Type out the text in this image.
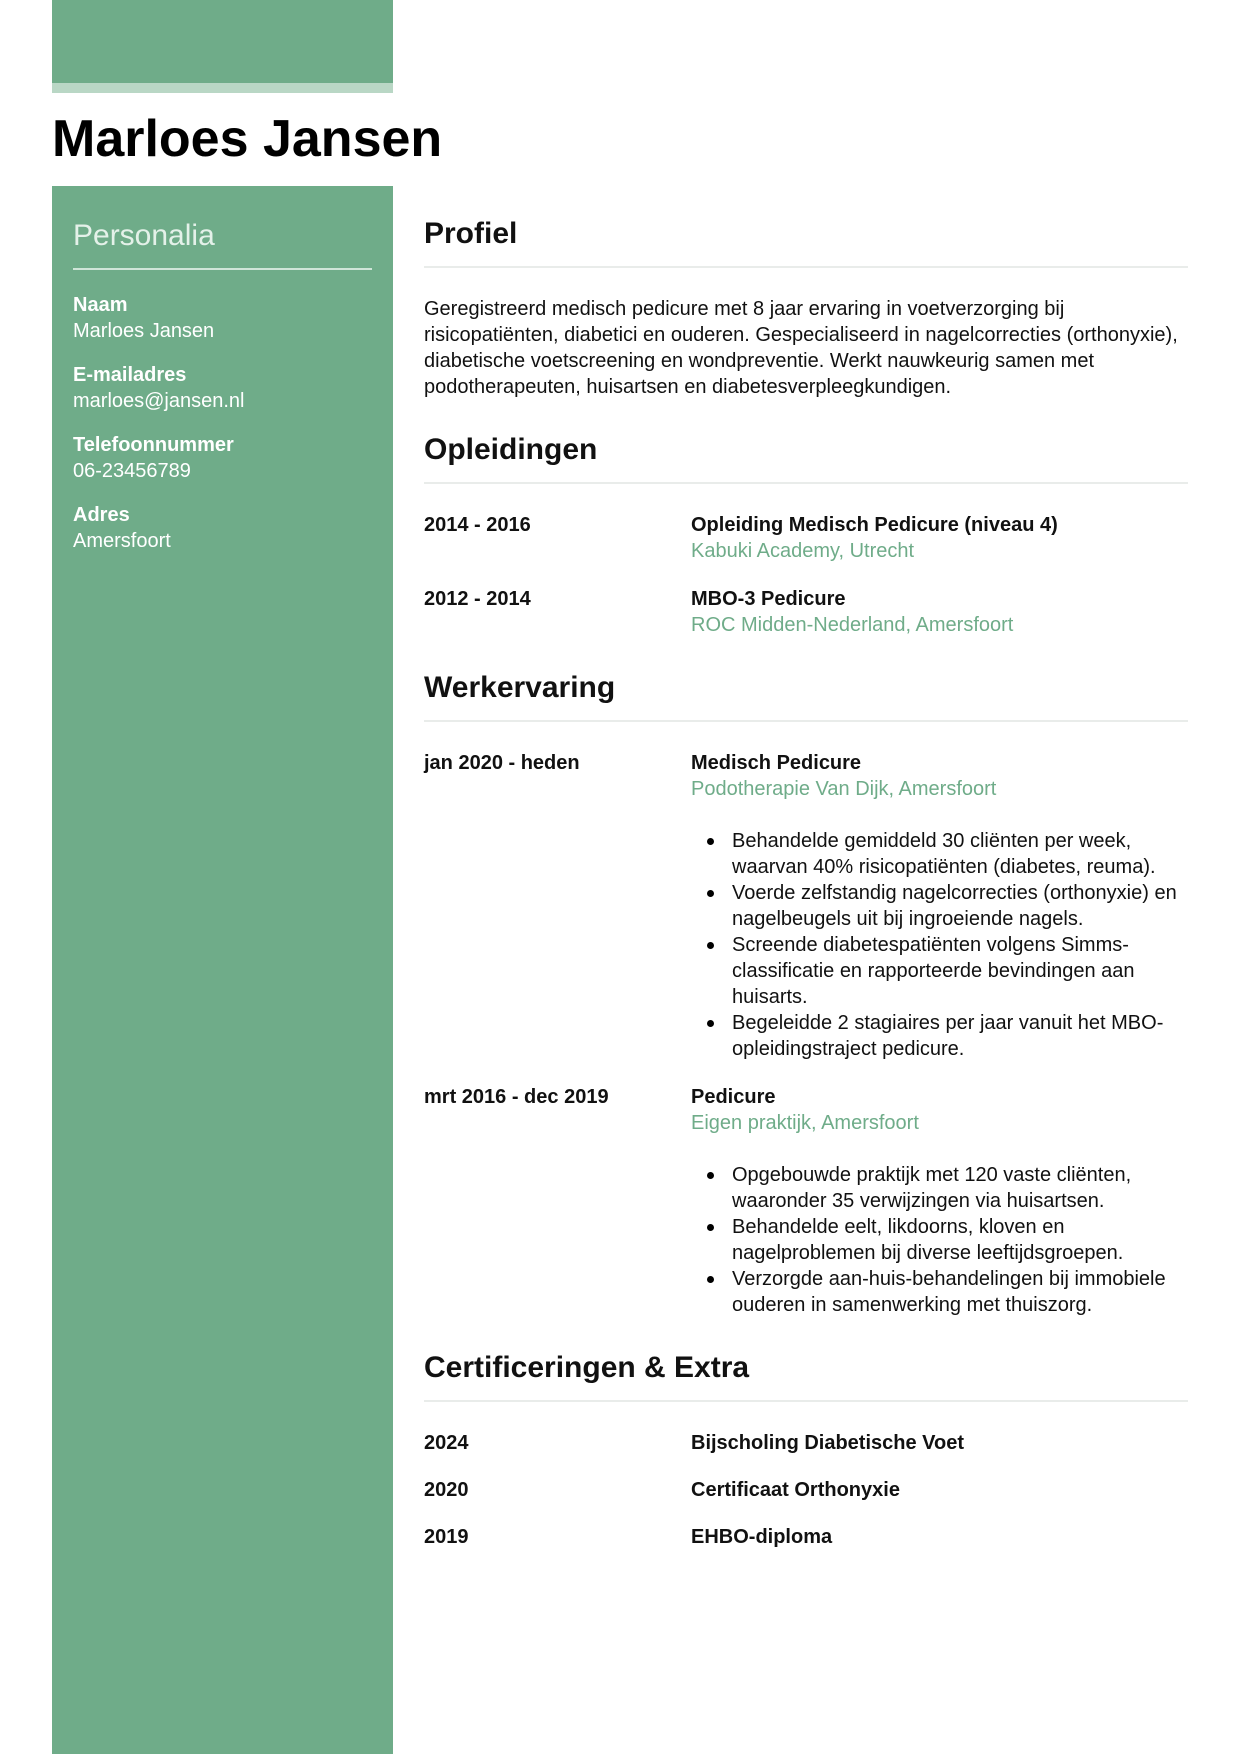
Marloes Jansen
Personalia
Naam
Marloes Jansen
E-mailadres
marloes@jansen.nl
Telefoonnummer
06-23456789
Adres
Amersfoort
Profiel

Geregistreerd medisch pedicure met 8 jaar ervaring in voetverzorging bij risicopatiënten, diabetici en ouderen. Gespecialiseerd in nagelcorrecties (orthonyxie), diabetische voetscreening en wondpreventie. Werkt nauwkeurig samen met podotherapeuten, huisartsen en diabetesverpleegkundigen.

Opleidingen
2014 - 2016	Opleiding Medisch Pedicure (niveau 4)
Kabuki Academy, Utrecht
2012 - 2014	MBO-3 Pedicure
ROC Midden-Nederland, Amersfoort
Werkervaring
jan 2020 - heden	Medisch Pedicure
Podotherapie Van Dijk, Amersfoort
Behandelde gemiddeld 30 cliënten per week, waarvan 40% risicopatiënten (diabetes, reuma).
Voerde zelfstandig nagelcorrecties (orthonyxie) en nagelbeugels uit bij ingroeiende nagels.
Screende diabetespatiënten volgens Simms-classificatie en rapporteerde bevindingen aan huisarts.
Begeleidde 2 stagiaires per jaar vanuit het MBO-opleidingstraject pedicure.
mrt 2016 - dec 2019	Pedicure
Eigen praktijk, Amersfoort
Opgebouwde praktijk met 120 vaste cliënten, waaronder 35 verwijzingen via huisartsen.
Behandelde eelt, likdoorns, kloven en nagelproblemen bij diverse leeftijdsgroepen.
Verzorgde aan-huis-behandelingen bij immobiele ouderen in samenwerking met thuiszorg.
Certificeringen & Extra
2024	Bijscholing Diabetische Voet
2020	Certificaat Orthonyxie
2019	EHBO-diploma
